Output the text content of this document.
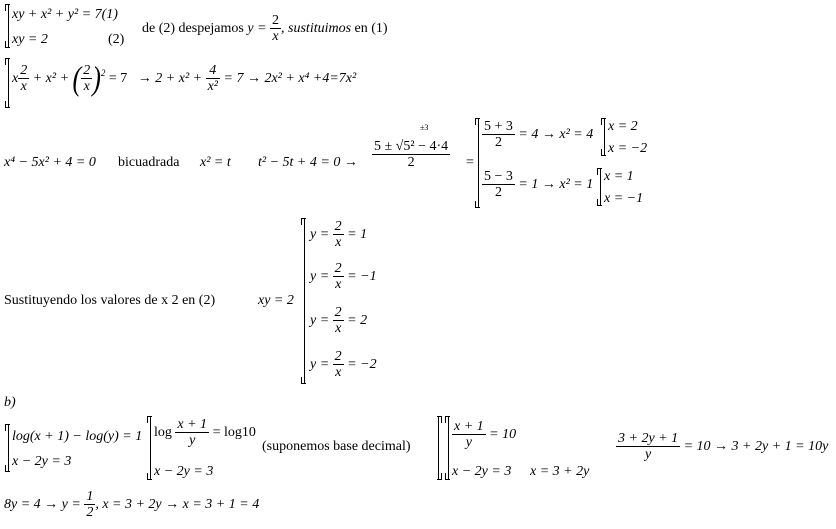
xy + x² + y² = 7(1)
xy = 2	(2)
de (2) despejamos $y = \frac{2}{x}$ , sustituimos en (1)
x $\frac{2}{x} + x^2$ + ( $\frac{2}{x} )^2 = 7 \to 2 + x^2 + \frac{4}{\text{x²}} = 7 \to 2x^2 + x^4 +4=7x^2$
x⁴ − 5x² + 4 = 0 bicuadrada x² = t t² − 5t + 4 = 0 →
±3
$\frac{\text{5 ± √5² − 4·4}}{2}$ =
$\frac{5 + 3}{2} = 4 \to x^2 = 4$
x = 2
x = −2
$\frac{5 - 3}{2} = 1 \to x^2 = 1$
x = 1
x = −1
Sustituyendo los valores de x 2 en (2)	xy = 2
$y = \frac{2}{x} = 1$
$y = \frac{2}{x} = -1$
$y = \frac{2}{x} = 2$
$y = \frac{2}{x} = -2$
b)
log(x + 1) − log(y) = 1
x − 2y = 3
$\log \frac{x + 1}{y} = \log 10$
x − 2y = 3
(suponemos base decimal)	$\frac{x + 1}{y} = 10$
x − 2y = 3 x = 3 + 2y
$\frac{3 + 2y + 1}{y} = 10 \to 3 + 2y + 1 = 10y$
$8y = 4 \to y = \frac{1}{2}$ , x = 3 + 2y → x = 3 + 1 = 4
